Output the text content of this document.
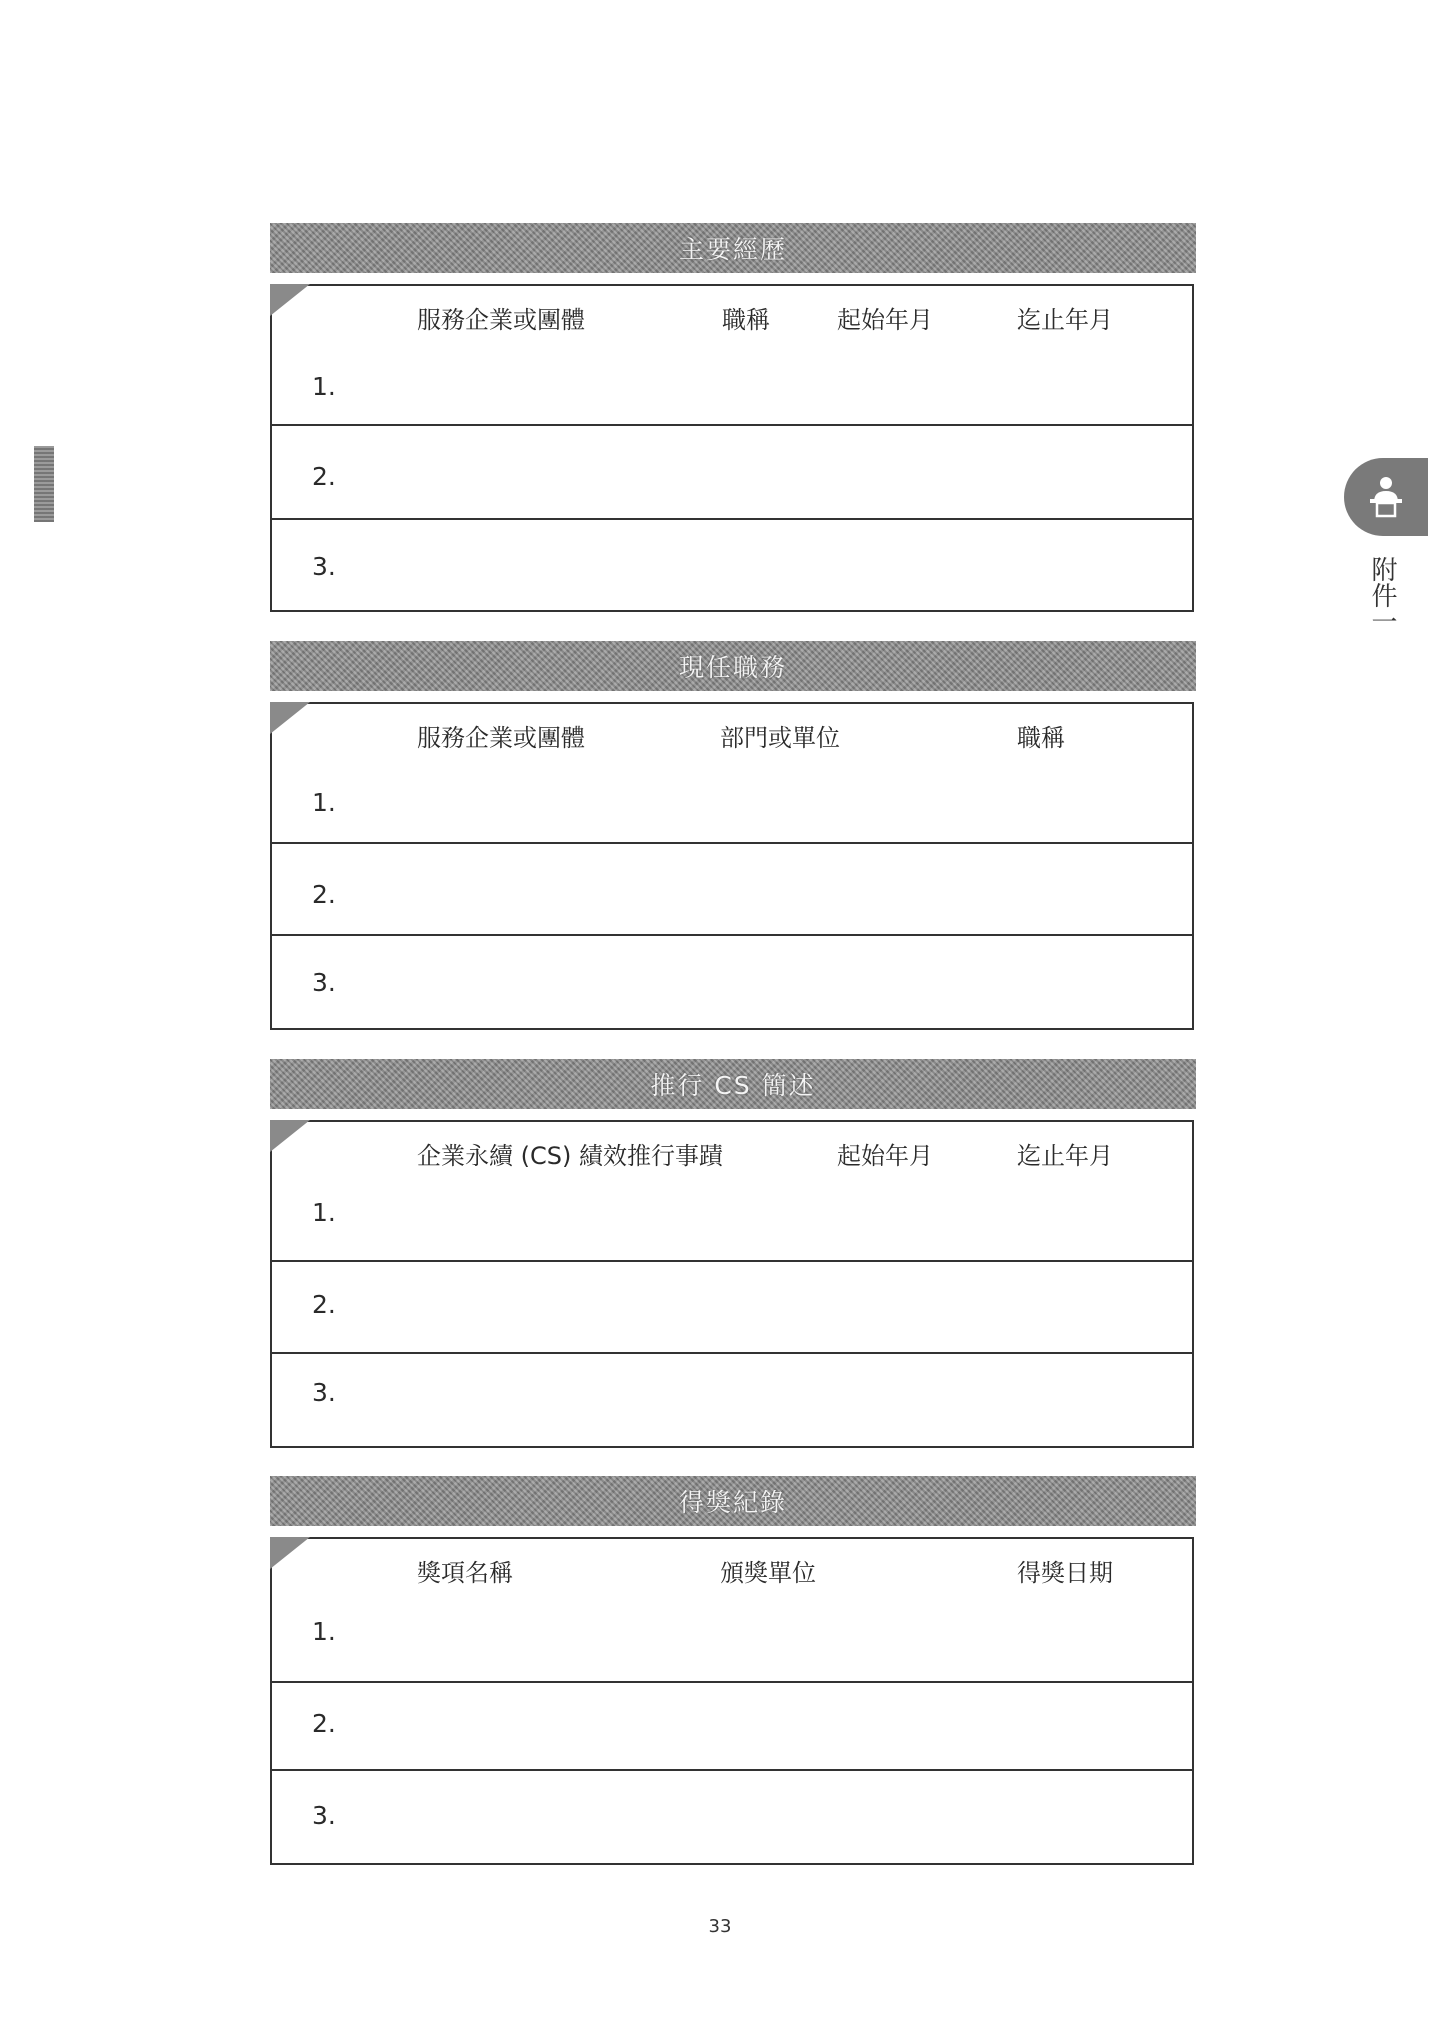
附件一
主要經歷
服務企業或團體	職稱	起始年月	迄止年月
1.
2.
3.
現任職務
服務企業或團體	部門或單位	職稱
1.
2.
3.
推行 CS 簡述
企業永續 (CS) 績效推行事蹟	起始年月	迄止年月
1.
2.
3.
得獎紀錄
獎項名稱	頒獎單位	得獎日期
1.
2.
3.
33
